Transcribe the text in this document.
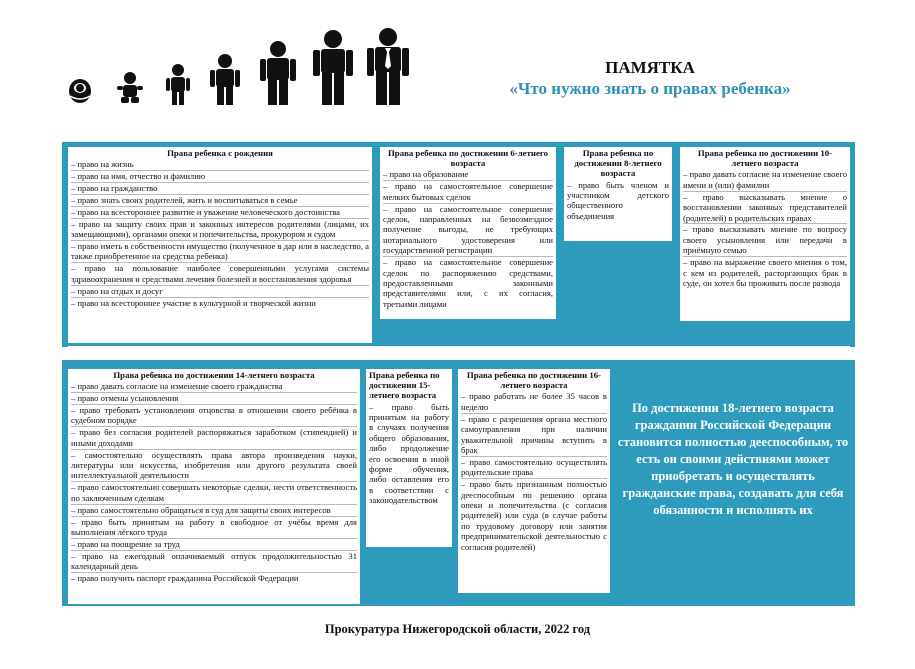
ПАМЯТКА
«Что нужно знать о правах ребенка»
Права ребенка с рождения
– право на жизнь
– право на имя, отчество и фамилию
– право на гражданство
– право знать своих родителей, жить и воспитываться в семье
– право на всестороннее развитие и уважение человеческого достоинства
– право на защиту своих прав и законных интересов родителями (лицами, их замещающими), органами опеки и попечительства, прокурором и судом
– право иметь в собственности имущество (полученное в дар или в наследство, а также приобретенное на средства ребенка)
– право на пользование наиболее совершенными услугами системы здравоохранения и средствами лечения болезней и восстановления здоровья
– право на отдых и досуг
– право на всестороннее участие в культурной и творческой жизни
Права ребенка по достижении 6-летнего возраста
– право на образование
– право на самостоятельное совершение мелких бытовых сделок
– право на самостоятельное совершение сделок, направленных на безвозмездное получение выгоды, не требующих нотариального удостоверения или государственной регистрации
– право на самостоятельное совершение сделок по распоряжению средствами, предоставленными законными представителями или, с их согласия, третьими лицами
Права ребенка по достижении 8-летнего возраста
– право быть членом и участником детского общественного объединения
Права ребенка по достижении 10-летнего возраста
– право давать согласие на изменение своего имени и (или) фамилии
– право высказывать мнение о восстановлении законных представителей (родителей) в родительских правах
– право высказывать мнение по вопросу своего усыновления или передачи в приёмную семью
– право на выражение своего мнения о том, с кем из родителей, расторгающих брак в суде, он хотел бы проживать после развода
Права ребенка по достижении 14-летнего возраста
– право давать согласие на изменение своего гражданства
– право отмены усыновления
– право требовать установления отцовства в отношении своего ребёнка в судебном порядке
– право без согласия родителей распоряжаться заработком (стипендией) и иными доходами
– самостоятельно осуществлять права автора произведения науки, литературы или искусства, изобретения или другого результата своей интеллектуальной деятельности
– право самостоятельно совершать некоторые сделки, нести ответственность по заключенным сделкам
– право самостоятельно обращаться в суд для защиты своих интересов
– право быть принятым на работу в свободное от учёбы время для выполнения лёгкого труда
– право на поощрение за труд
– право на ежегодный оплачиваемый отпуск продолжительностью 31 календарный день
– право получить паспорт гражданина Российской Федерации
Права ребенка по достижении 15-летнего возраста
– право быть принятым на работу в случаях получения общего образования, либо продолжение его освоения в иной форме обучения, либо оставления его в соответствии с законодательством
Права ребенка по достижении 16-летнего возраста
– право работать не более 35 часов в неделю
– право с разрешения органа местного самоуправления при наличии уважительной причины вступить в брак
– право самостоятельно осуществлять родительские права
– право быть признанным полностью дееспособным по решению органа опеки и попечительства (с согласия родителей) или суда (в случае работы по трудовому договору или занятия предпринимательской деятельностью с согласия родителей)
По достижении 18-летнего возраста гражданин Российской Федерации становится полностью дееспособным, то есть он своими действиями может приобретать и осуществлять гражданские права, создавать для себя обязанности и исполнять их
Прокуратура Нижегородской области, 2022 год
